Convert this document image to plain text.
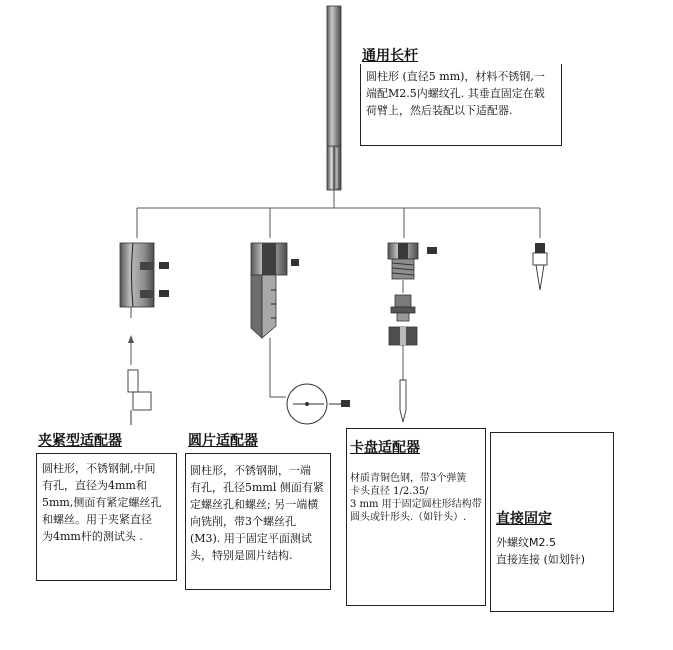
通用长杆
圆柱形 (直径5 mm)，材料不锈钢,一
端配M2.5内螺纹孔. 其垂直固定在载
荷臂上，然后装配以下适配器.
夹紧型适配器
圆柱形，不锈钢制,中间
有孔，直径为4mm和
5mm,侧面有紧定螺丝孔
和螺丝。用于夹紧直径
为4mm杆的测试头 .
圆片适配器
圆柱形，不锈钢制，一端
有孔，孔径5mml 侧面有紧
定螺丝孔和螺丝; 另一端横
向铣削，带3个螺丝孔
(M3). 用于固定平面测试
头，特别是圆片结构.
卡盘适配器
材质青铜色钢，带3个弹簧
卡头直径 1/2.35/
3 mm 用于固定圆柱形结构带
圆头或针形头.（如针头）.	直接固定
外螺纹M2.5
直接连接 (如划针)
